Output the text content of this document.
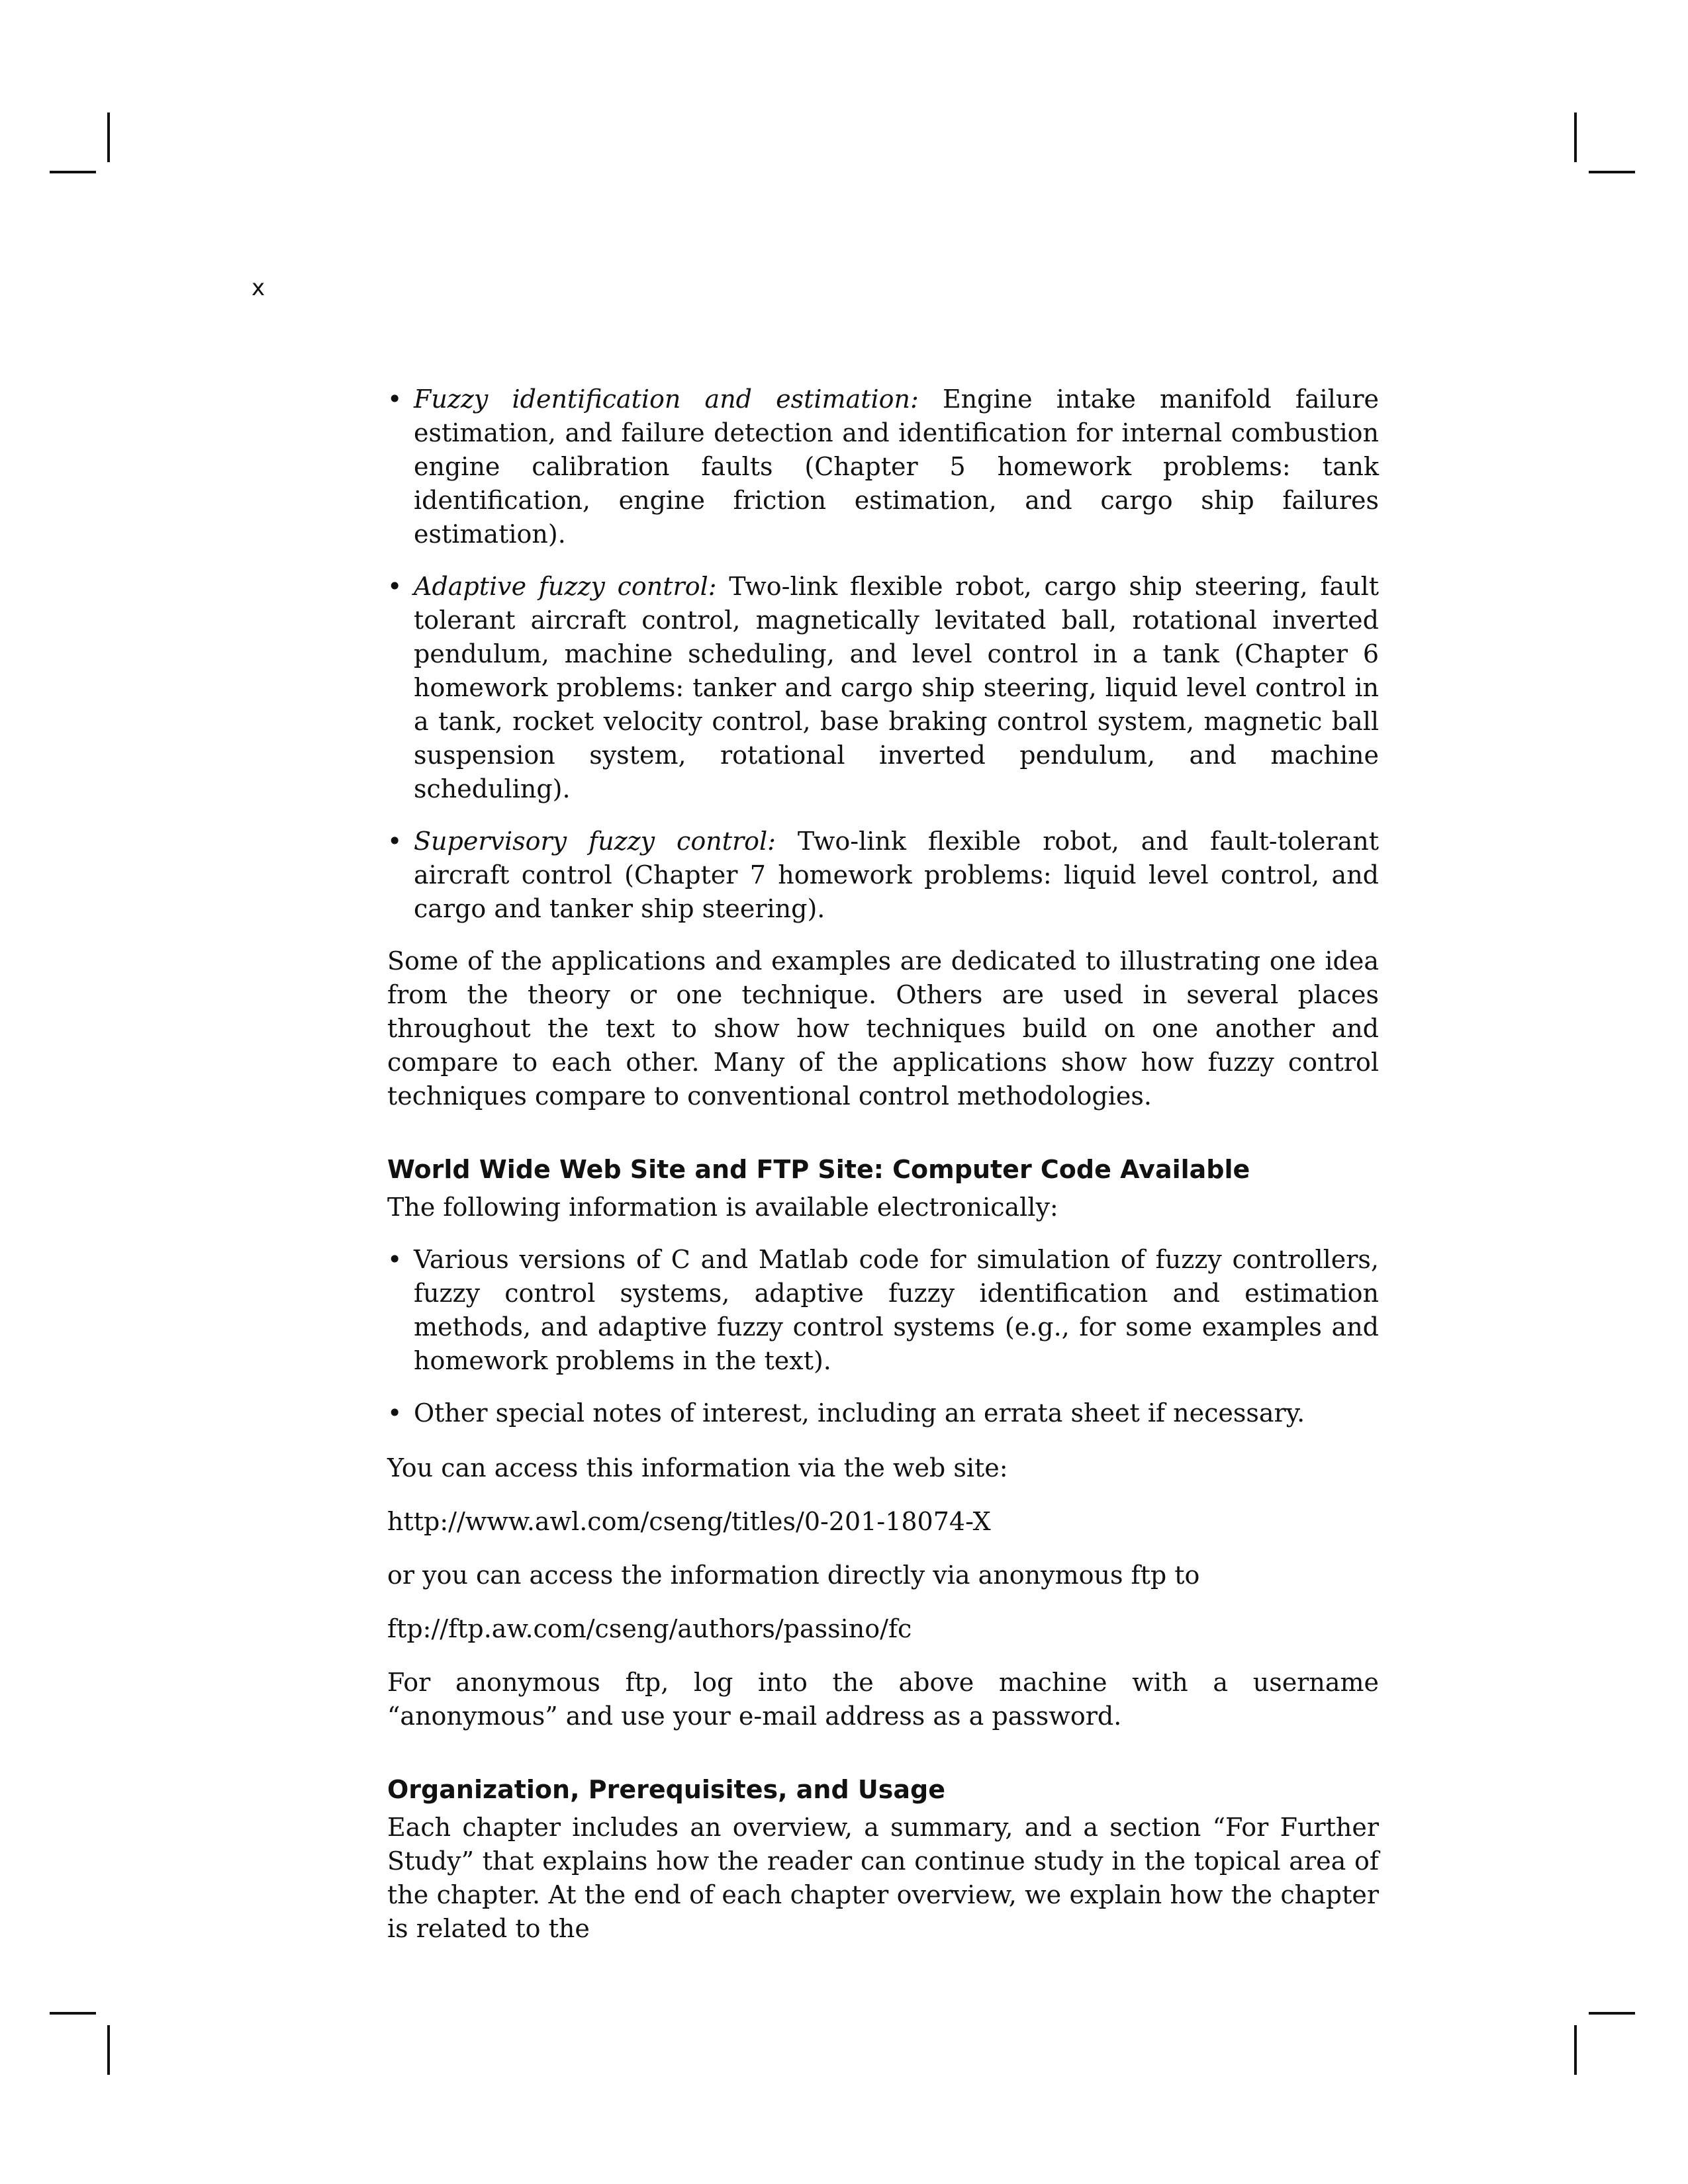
x
• Fuzzy identification and estimation: Engine intake manifold failure estimation, and failure detection and identification for internal combustion engine calibration faults (Chapter 5 homework problems: tank identification, engine friction estimation, and cargo ship failures estimation).
• Adaptive fuzzy control: Two-link flexible robot, cargo ship steering, fault tolerant aircraft control, magnetically levitated ball, rotational inverted pendulum, machine scheduling, and level control in a tank (Chapter 6 homework problems: tanker and cargo ship steering, liquid level control in a tank, rocket velocity control, base braking control system, magnetic ball suspension system, rotational inverted pendulum, and machine scheduling).
• Supervisory fuzzy control: Two-link flexible robot, and fault-tolerant aircraft control (Chapter 7 homework problems: liquid level control, and cargo and tanker ship steering).

Some of the applications and examples are dedicated to illustrating one idea from the theory or one technique. Others are used in several places throughout the text to show how techniques build on one another and compare to each other. Many of the applications show how fuzzy control techniques compare to conventional control methodologies.

World Wide Web Site and FTP Site: Computer Code Available

The following information is available electronically:

• Various versions of C and Matlab code for simulation of fuzzy controllers, fuzzy control systems, adaptive fuzzy identification and estimation methods, and adaptive fuzzy control systems (e.g., for some examples and homework problems in the text).
• Other special notes of interest, including an errata sheet if necessary.

You can access this information via the web site:

http://www.awl.com/cseng/titles/0-201-18074-X

or you can access the information directly via anonymous ftp to

ftp://ftp.aw.com/cseng/authors/passino/fc

For anonymous ftp, log into the above machine with a username “anonymous” and use your e-mail address as a password.

Organization, Prerequisites, and Usage

Each chapter includes an overview, a summary, and a section “For Further Study” that explains how the reader can continue study in the topical area of the chapter. At the end of each chapter overview, we explain how the chapter is related to the
